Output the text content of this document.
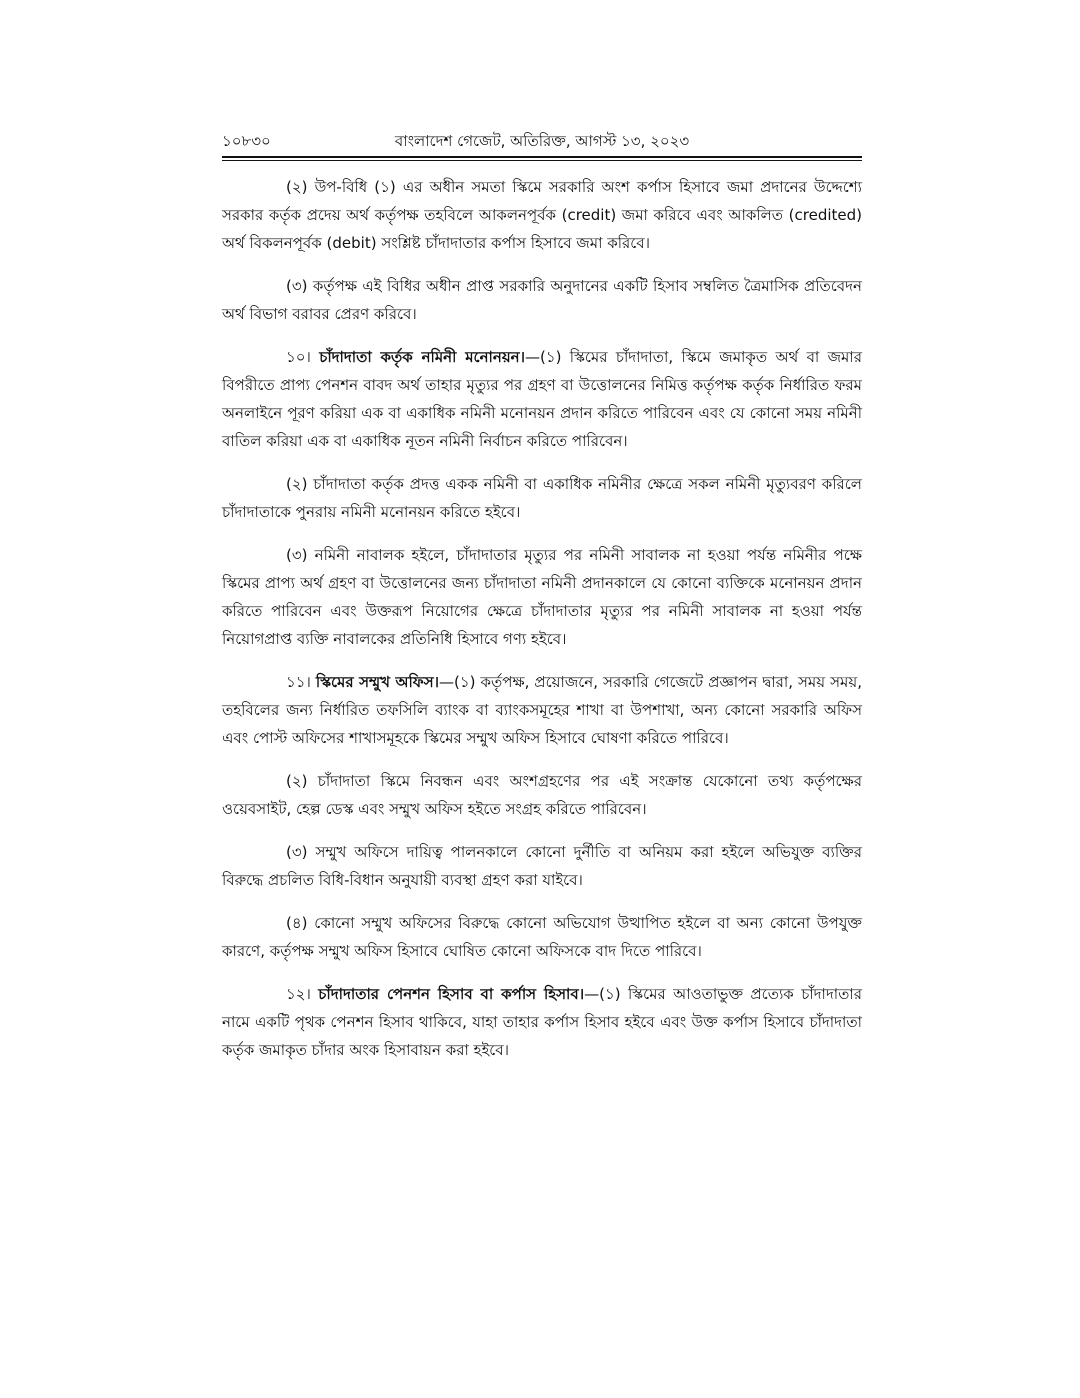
১০৮৩০	বাংলাদেশ গেজেট, অতিরিক্ত, আগস্ট ১৩, ২০২৩

(২) উপ-বিধি (১) এর অধীন সমতা স্কিমে সরকারি অংশ কর্পাস হিসাবে জমা প্রদানের উদ্দেশ্যে সরকার কর্তৃক প্রদেয় অর্থ কর্তৃপক্ষ তহবিলে আকলনপূর্বক (credit) জমা করিবে এবং আকলিত (credited) অর্থ বিকলনপূর্বক (debit) সংশ্লিষ্ট চাঁদাদাতার কর্পাস হিসাবে জমা করিবে।

(৩) কর্তৃপক্ষ এই বিধির অধীন প্রাপ্ত সরকারি অনুদানের একটি হিসাব সম্বলিত ত্রৈমাসিক প্রতিবেদন অর্থ বিভাগ বরাবর প্রেরণ করিবে।

১০। চাঁদাদাতা কর্তৃক নমিনী মনোনয়ন।—(১) স্কিমের চাঁদাদাতা, স্কিমে জমাকৃত অর্থ বা জমার বিপরীতে প্রাপ্য পেনশন বাবদ অর্থ তাহার মৃত্যুর পর গ্রহণ বা উত্তোলনের নিমিত্ত কর্তৃপক্ষ কর্তৃক নির্ধারিত ফরম অনলাইনে পূরণ করিয়া এক বা একাধিক নমিনী মনোনয়ন প্রদান করিতে পারিবেন এবং যে কোনো সময় নমিনী বাতিল করিয়া এক বা একাধিক নূতন নমিনী নির্বাচন করিতে পারিবেন।

(২) চাঁদাদাতা কর্তৃক প্রদত্ত একক নমিনী বা একাধিক নমিনীর ক্ষেত্রে সকল নমিনী মৃত্যুবরণ করিলে চাঁদাদাতাকে পুনরায় নমিনী মনোনয়ন করিতে হইবে।

(৩) নমিনী নাবালক হইলে, চাঁদাদাতার মৃত্যুর পর নমিনী সাবালক না হওয়া পর্যন্ত নমিনীর পক্ষে স্কিমের প্রাপ্য অর্থ গ্রহণ বা উত্তোলনের জন্য চাঁদাদাতা নমিনী প্রদানকালে যে কোনো ব্যক্তিকে মনোনয়ন প্রদান করিতে পারিবেন এবং উক্তরূপ নিয়োগের ক্ষেত্রে চাঁদাদাতার মৃত্যুর পর নমিনী সাবালক না হওয়া পর্যন্ত নিয়োগপ্রাপ্ত ব্যক্তি নাবালকের প্রতিনিধি হিসাবে গণ্য হইবে।

১১। স্কিমের সম্মুখ অফিস।—(১) কর্তৃপক্ষ, প্রয়োজনে, সরকারি গেজেটে প্রজ্ঞাপন দ্বারা, সময় সময়, তহবিলের জন্য নির্ধারিত তফসিলি ব্যাংক বা ব্যাংকসমূহের শাখা বা উপশাখা, অন্য কোনো সরকারি অফিস এবং পোস্ট অফিসের শাখাসমূহকে স্কিমের সম্মুখ অফিস হিসাবে ঘোষণা করিতে পারিবে।

(২) চাঁদাদাতা স্কিমে নিবন্ধন এবং অংশগ্রহণের পর এই সংক্রান্ত যেকোনো তথ্য কর্তৃপক্ষের ওয়েবসাইট, হেল্প ডেস্ক এবং সম্মুখ অফিস হইতে সংগ্রহ করিতে পারিবেন।

(৩) সম্মুখ অফিসে দায়িত্ব পালনকালে কোনো দুর্নীতি বা অনিয়ম করা হইলে অভিযুক্ত ব্যক্তির বিরুদ্ধে প্রচলিত বিধি-বিধান অনুযায়ী ব্যবস্থা গ্রহণ করা যাইবে।

(৪) কোনো সম্মুখ অফিসের বিরুদ্ধে কোনো অভিযোগ উত্থাপিত হইলে বা অন্য কোনো উপযুক্ত কারণে, কর্তৃপক্ষ সম্মুখ অফিস হিসাবে ঘোষিত কোনো অফিসকে বাদ দিতে পারিবে।

১২। চাঁদাদাতার পেনশন হিসাব বা কর্পাস হিসাব।—(১) স্কিমের আওতাভুক্ত প্রত্যেক চাঁদাদাতার নামে একটি পৃথক পেনশন হিসাব থাকিবে, যাহা তাহার কর্পাস হিসাব হইবে এবং উক্ত কর্পাস হিসাবে চাঁদাদাতা কর্তৃক জমাকৃত চাঁদার অংক হিসাবায়ন করা হইবে।
